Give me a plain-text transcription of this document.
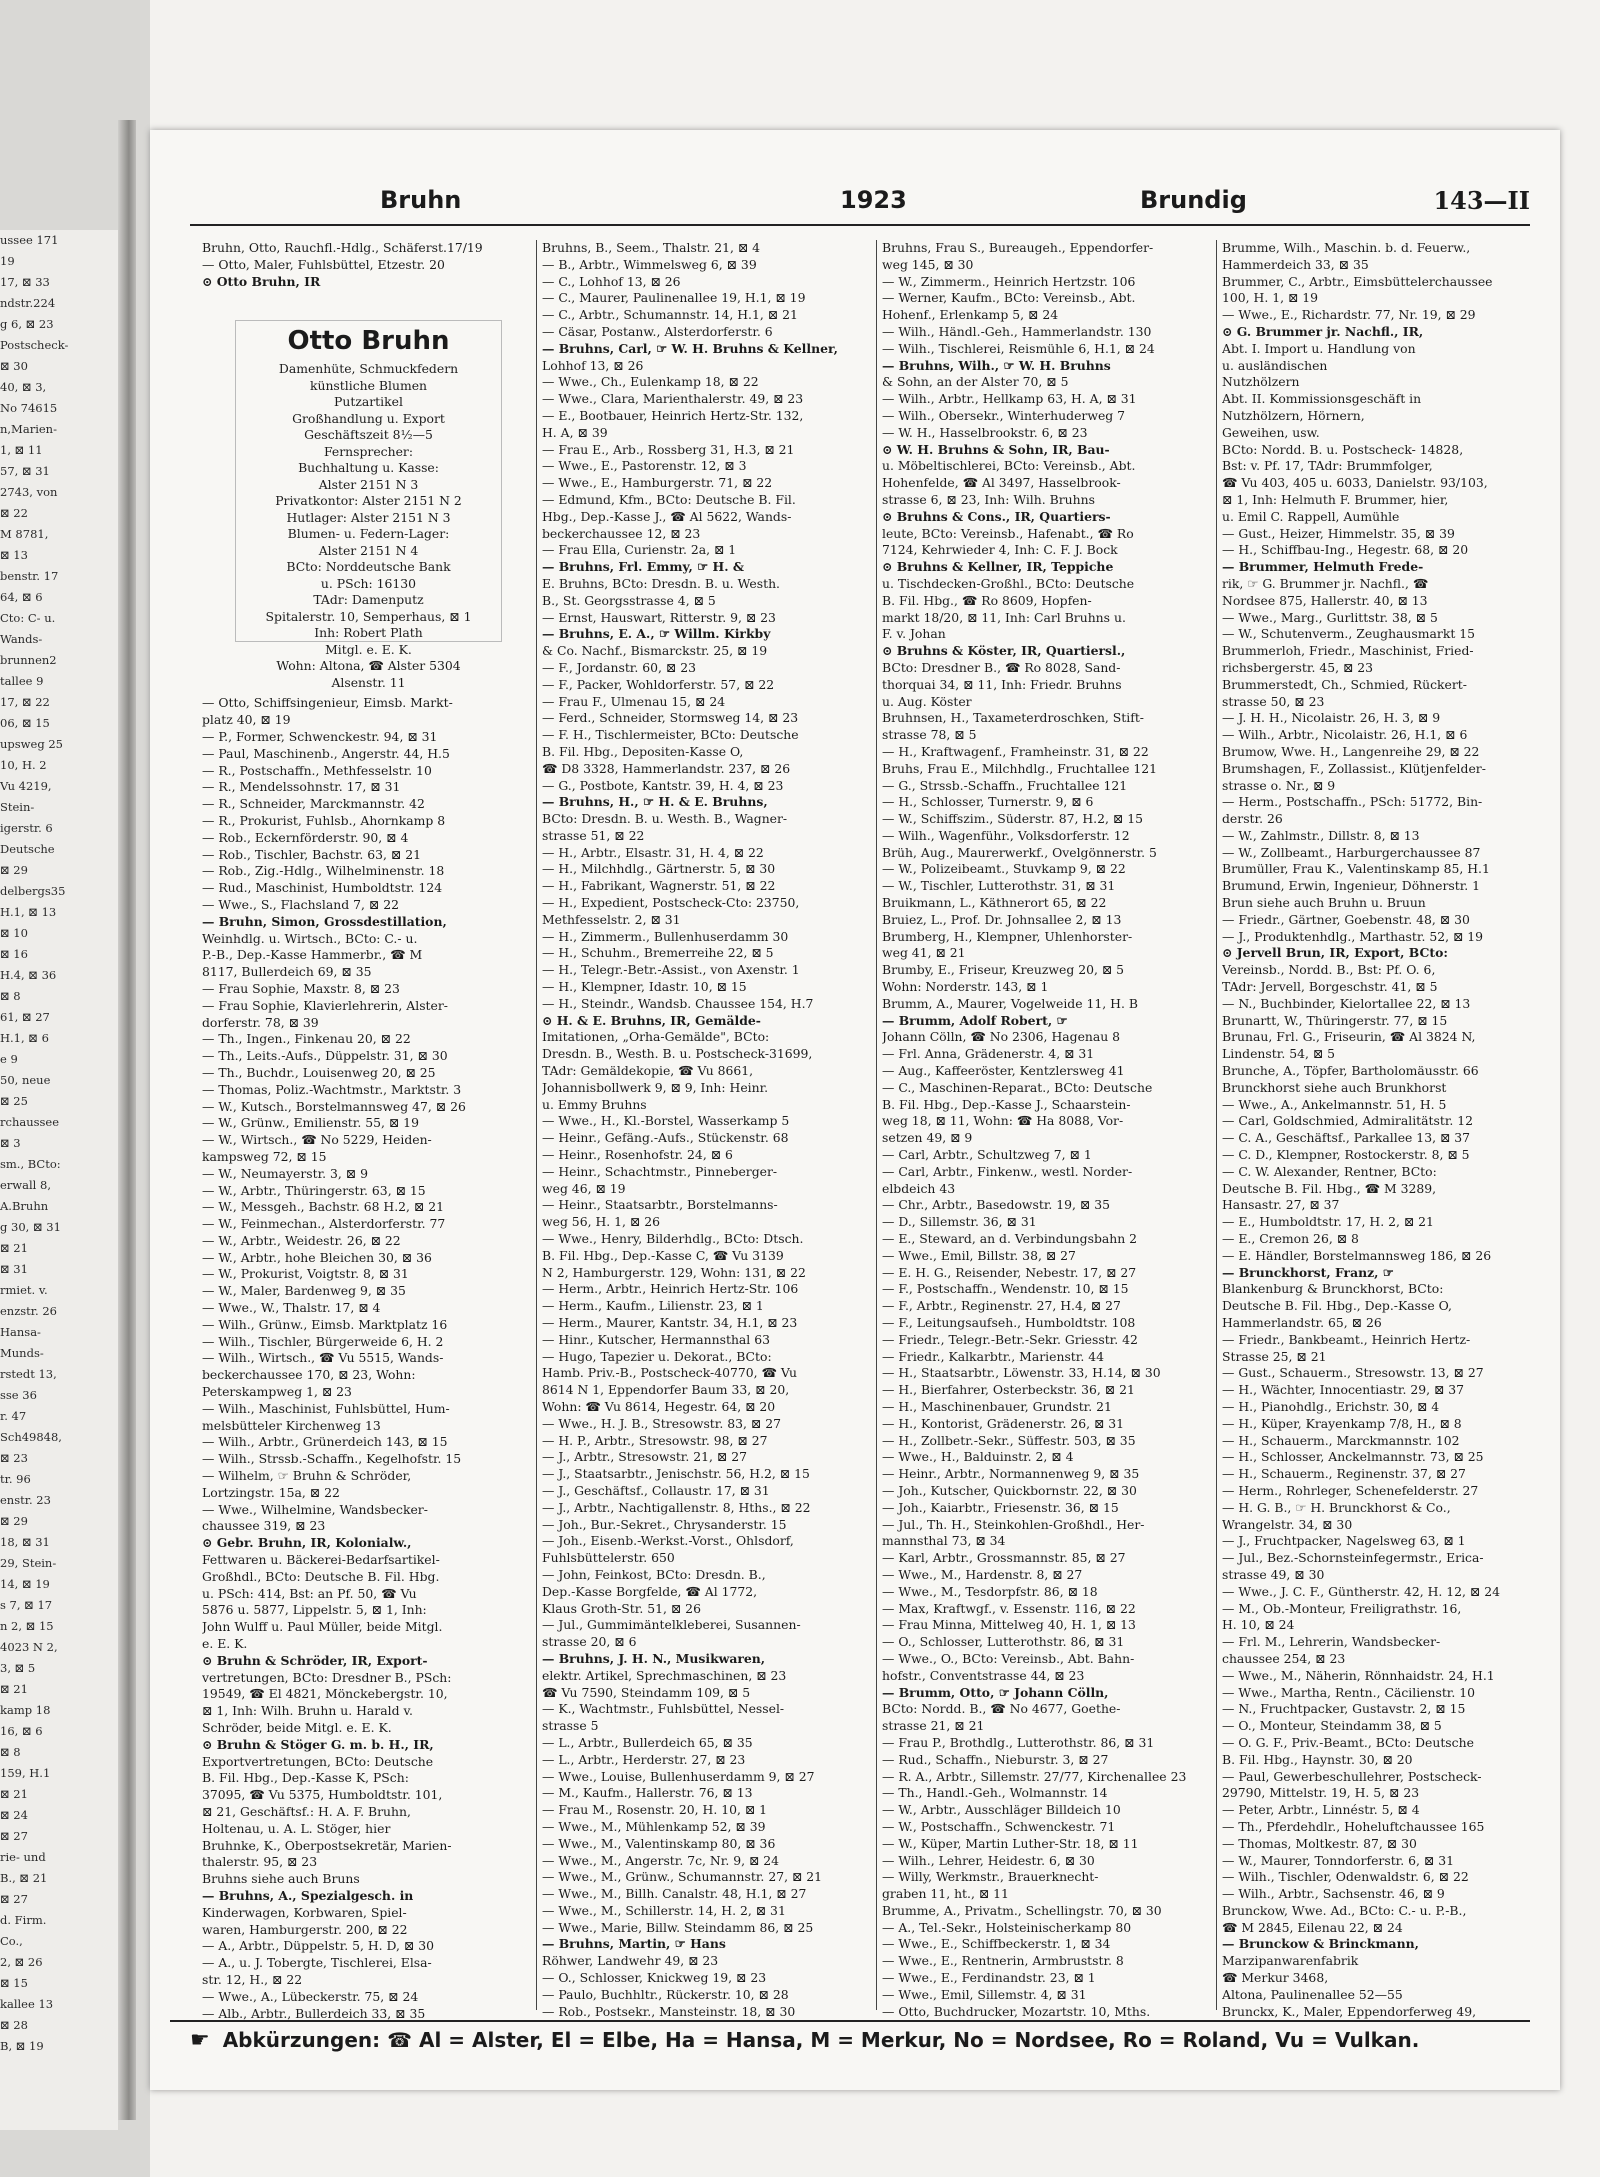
ussee 171
19
17, ⊠ 33
ndstr.224
g 6, ⊠ 23
Postscheck-
⊠ 30
40, ⊠ 3,
No 74615
n,Marien-
1, ⊠ 11
57, ⊠ 31
2743, von
⊠ 22
M 8781,
⊠ 13
benstr. 17
64, ⊠ 6
Cto: C- u.
Wands-
brunnen2
tallee 9
17, ⊠ 22
06, ⊠ 15
upsweg 25
10, H. 2
Vu 4219,
Stein-
igerstr. 6
Deutsche
⊠ 29
delbergs35
H.1, ⊠ 13
⊠ 10
⊠ 16
H.4, ⊠ 36
⊠ 8
61, ⊠ 27
H.1, ⊠ 6
e 9
50, neue
⊠ 25
rchaussee
⊠ 3
sm., BCto:
erwall 8,
A.Bruhn
g 30, ⊠ 31
⊠ 21
⊠ 31
rmiet. v.
enzstr. 26
Hansa-
Munds-
rstedt 13,
sse 36
r. 47
Sch49848,
⊠ 23
tr. 96
enstr. 23
⊠ 29
18, ⊠ 31
29, Stein-
14, ⊠ 19
s 7, ⊠ 17
n 2, ⊠ 15
4023 N 2,
3, ⊠ 5
⊠ 21
kamp 18
16, ⊠ 6
⊠ 8
159, H.1
⊠ 21
⊠ 24
⊠ 27
rie- und
B., ⊠ 21
⊠ 27
d. Firm.
Co.,
2, ⊠ 26
⊠ 15
kallee 13
⊠ 28
B, ⊠ 19
Bruhn	1923	Brundig	143—II
Bruhn, Otto, Rauchfl.-Hdlg., Schäferst.17/19
— Otto, Maler, Fuhlsbüttel, Etzestr. 20
⊙ Otto Bruhn, IR
— Otto, Schiffsingenieur, Eimsb. Markt-
platz 40, ⊠ 19
— P., Former, Schwenckestr. 94, ⊠ 31
— Paul, Maschinenb., Angerstr. 44, H.5
— R., Postschaffn., Methfesselstr. 10
— R., Mendelssohnstr. 17, ⊠ 31
— R., Schneider, Marckmannstr. 42
— R., Prokurist, Fuhlsb., Ahornkamp 8
— Rob., Eckernförderstr. 90, ⊠ 4
— Rob., Tischler, Bachstr. 63, ⊠ 21
— Rob., Zig.-Hdlg., Wilhelminenstr. 18
— Rud., Maschinist, Humboldtstr. 124
— Wwe., S., Flachsland 7, ⊠ 22
— Bruhn, Simon, Grossdestillation,
Weinhdlg. u. Wirtsch., BCto: C.- u.
P.-B., Dep.-Kasse Hammerbr., ☎ M
8117, Bullerdeich 69, ⊠ 35
— Frau Sophie, Maxstr. 8, ⊠ 23
— Frau Sophie, Klavierlehrerin, Alster-
dorferstr. 78, ⊠ 39
— Th., Ingen., Finkenau 20, ⊠ 22
— Th., Leits.-Aufs., Düppelstr. 31, ⊠ 30
— Th., Buchdr., Louisenweg 20, ⊠ 25
— Thomas, Poliz.-Wachtmstr., Marktstr. 3
— W., Kutsch., Borstelmannsweg 47, ⊠ 26
— W., Grünw., Emilienstr. 55, ⊠ 19
— W., Wirtsch., ☎ No 5229, Heiden-
kampsweg 72, ⊠ 15
— W., Neumayerstr. 3, ⊠ 9
— W., Arbtr., Thüringerstr. 63, ⊠ 15
— W., Messgeh., Bachstr. 68 H.2, ⊠ 21
— W., Feinmechan., Alsterdorferstr. 77
— W., Arbtr., Weidestr. 26, ⊠ 22
— W., Arbtr., hohe Bleichen 30, ⊠ 36
— W., Prokurist, Voigtstr. 8, ⊠ 31
— W., Maler, Bardenweg 9, ⊠ 35
— Wwe., W., Thalstr. 17, ⊠ 4
— Wilh., Grünw., Eimsb. Marktplatz 16
— Wilh., Tischler, Bürgerweide 6, H. 2
— Wilh., Wirtsch., ☎ Vu 5515, Wands-
beckerchaussee 170, ⊠ 23, Wohn:
Peterskampweg 1, ⊠ 23
— Wilh., Maschinist, Fuhlsbüttel, Hum-
melsbütteler Kirchenweg 13
— Wilh., Arbtr., Grünerdeich 143, ⊠ 15
— Wilh., Strssb.-Schaffn., Kegelhofstr. 15
— Wilhelm, ☞ Bruhn & Schröder,
Lortzingstr. 15a, ⊠ 22
— Wwe., Wilhelmine, Wandsbecker-
chaussee 319, ⊠ 23
⊙ Gebr. Bruhn, IR, Kolonialw.,
Fettwaren u. Bäckerei-Bedarfsartikel-
Großhdl., BCto: Deutsche B. Fil. Hbg.
u. PSch: 414, Bst: an Pf. 50, ☎ Vu
5876 u. 5877, Lippelstr. 5, ⊠ 1, Inh:
John Wulff u. Paul Müller, beide Mitgl.
e. E. K.
⊙ Bruhn & Schröder, IR, Export-
vertretungen, BCto: Dresdner B., PSch:
19549, ☎ El 4821, Mönckebergstr. 10,
⊠ 1, Inh: Wilh. Bruhn u. Harald v.
Schröder, beide Mitgl. e. E. K.
⊙ Bruhn & Stöger G. m. b. H., IR,
Exportvertretungen, BCto: Deutsche
B. Fil. Hbg., Dep.-Kasse K, PSch:
37095, ☎ Vu 5375, Humboldtstr. 101,
⊠ 21, Geschäftsf.: H. A. F. Bruhn,
Holtenau, u. A. L. Stöger, hier
Bruhnke, K., Oberpostsekretär, Marien-
thalerstr. 95, ⊠ 23
Bruhns siehe auch Bruns
— Bruhns, A., Spezialgesch. in
Kinderwagen, Korbwaren, Spiel-
waren, Hamburgerstr. 200, ⊠ 22
— A., Arbtr., Düppelstr. 5, H. D, ⊠ 30
— A., u. J. Tobergte, Tischlerei, Elsa-
str. 12, H., ⊠ 22
— Wwe., A., Lübeckerstr. 75, ⊠ 24
— Alb., Arbtr., Bullerdeich 33, ⊠ 35
Otto Bruhn
Damenhüte, Schmuckfedern
künstliche Blumen
Putzartikel
Großhandlung u. Export
Geschäftszeit 8½—5
Fernsprecher:
Buchhaltung u. Kasse:
Alster 2151 N 3
Privatkontor: Alster 2151 N 2
Hutlager: Alster 2151 N 3
Blumen- u. Federn-Lager:
Alster 2151 N 4
BCto: Norddeutsche Bank
u. PSch: 16130
TAdr: Damenputz
Spitalerstr. 10, Semperhaus, ⊠ 1
Inh: Robert Plath
Mitgl. e. E. K.
Wohn: Altona, ☎ Alster 5304
Alsenstr. 11
Bruhns, B., Seem., Thalstr. 21, ⊠ 4
— B., Arbtr., Wimmelsweg 6, ⊠ 39
— C., Lohhof 13, ⊠ 26
— C., Maurer, Paulinenallee 19, H.1, ⊠ 19
— C., Arbtr., Schumannstr. 14, H.1, ⊠ 21
— Cäsar, Postanw., Alsterdorferstr. 6
— Bruhns, Carl, ☞ W. H. Bruhns & Kellner,
Lohhof 13, ⊠ 26
— Wwe., Ch., Eulenkamp 18, ⊠ 22
— Wwe., Clara, Marienthalerstr. 49, ⊠ 23
— E., Bootbauer, Heinrich Hertz-Str. 132,
H. A, ⊠ 39
— Frau E., Arb., Rossberg 31, H.3, ⊠ 21
— Wwe., E., Pastorenstr. 12, ⊠ 3
— Wwe., E., Hamburgerstr. 71, ⊠ 22
— Edmund, Kfm., BCto: Deutsche B. Fil.
Hbg., Dep.-Kasse J., ☎ Al 5622, Wands-
beckerchaussee 12, ⊠ 23
— Frau Ella, Curienstr. 2a, ⊠ 1
— Bruhns, Frl. Emmy, ☞ H. &
E. Bruhns, BCto: Dresdn. B. u. Westh.
B., St. Georgsstrasse 4, ⊠ 5
— Ernst, Hauswart, Ritterstr. 9, ⊠ 23
— Bruhns, E. A., ☞ Willm. Kirkby
& Co. Nachf., Bismarckstr. 25, ⊠ 19
— F., Jordanstr. 60, ⊠ 23
— F., Packer, Wohldorferstr. 57, ⊠ 22
— Frau F., Ulmenau 15, ⊠ 24
— Ferd., Schneider, Stormsweg 14, ⊠ 23
— F. H., Tischlermeister, BCto: Deutsche
B. Fil. Hbg., Depositen-Kasse O,
☎ D8 3328, Hammerlandstr. 237, ⊠ 26
— G., Postbote, Kantstr. 39, H. 4, ⊠ 23
— Bruhns, H., ☞ H. & E. Bruhns,
BCto: Dresdn. B. u. Westh. B., Wagner-
strasse 51, ⊠ 22
— H., Arbtr., Elsastr. 31, H. 4, ⊠ 22
— H., Milchhdlg., Gärtnerstr. 5, ⊠ 30
— H., Fabrikant, Wagnerstr. 51, ⊠ 22
— H., Expedient, Postscheck-Cto: 23750,
Methfesselstr. 2, ⊠ 31
— H., Zimmerm., Bullenhuserdamm 30
— H., Schuhm., Bremerreihe 22, ⊠ 5
— H., Telegr.-Betr.-Assist., von Axenstr. 1
— H., Klempner, Idastr. 10, ⊠ 15
— H., Steindr., Wandsb. Chaussee 154, H.7
⊙ H. & E. Bruhns, IR, Gemälde-
Imitationen, „Orha-Gemälde", BCto:
Dresdn. B., Westh. B. u. Postscheck-31699,
TAdr: Gemäldekopie, ☎ Vu 8661,
Johannisbollwerk 9, ⊠ 9, Inh: Heinr.
u. Emmy Bruhns
— Wwe., H., Kl.-Borstel, Wasserkamp 5
— Heinr., Gefäng.-Aufs., Stückenstr. 68
— Heinr., Rosenhofstr. 24, ⊠ 6
— Heinr., Schachtmstr., Pinneberger-
weg 46, ⊠ 19
— Heinr., Staatsarbtr., Borstelmanns-
weg 56, H. 1, ⊠ 26
— Wwe., Henry, Bilderhdlg., BCto: Dtsch.
B. Fil. Hbg., Dep.-Kasse C, ☎ Vu 3139
N 2, Hamburgerstr. 129, Wohn: 131, ⊠ 22
— Herm., Arbtr., Heinrich Hertz-Str. 106
— Herm., Kaufm., Lilienstr. 23, ⊠ 1
— Herm., Maurer, Kantstr. 34, H.1, ⊠ 23
— Hinr., Kutscher, Hermannsthal 63
— Hugo, Tapezier u. Dekorat., BCto:
Hamb. Priv.-B., Postscheck-40770, ☎ Vu
8614 N 1, Eppendorfer Baum 33, ⊠ 20,
Wohn: ☎ Vu 8614, Hegestr. 64, ⊠ 20
— Wwe., H. J. B., Stresowstr. 83, ⊠ 27
— H. P., Arbtr., Stresowstr. 98, ⊠ 27
— J., Arbtr., Stresowstr. 21, ⊠ 27
— J., Staatsarbtr., Jenischstr. 56, H.2, ⊠ 15
— J., Geschäftsf., Collaustr. 17, ⊠ 31
— J., Arbtr., Nachtigallenstr. 8, Hths., ⊠ 22
— Joh., Bur.-Sekret., Chrysanderstr. 15
— Joh., Eisenb.-Werkst.-Vorst., Ohlsdorf,
Fuhlsbüttelerstr. 650
— John, Feinkost, BCto: Dresdn. B.,
Dep.-Kasse Borgfelde, ☎ Al 1772,
Klaus Groth-Str. 51, ⊠ 26
— Jul., Gummimäntelkleberei, Susannen-
strasse 20, ⊠ 6
— Bruhns, J. H. N., Musikwaren,
elektr. Artikel, Sprechmaschinen, ⊠ 23
☎ Vu 7590, Steindamm 109, ⊠ 5
— K., Wachtmstr., Fuhlsbüttel, Nessel-
strasse 5
— L., Arbtr., Bullerdeich 65, ⊠ 35
— L., Arbtr., Herderstr. 27, ⊠ 23
— Wwe., Louise, Bullenhuserdamm 9, ⊠ 27
— M., Kaufm., Hallerstr. 76, ⊠ 13
— Frau M., Rosenstr. 20, H. 10, ⊠ 1
— Wwe., M., Mühlenkamp 52, ⊠ 39
— Wwe., M., Valentinskamp 80, ⊠ 36
— Wwe., M., Angerstr. 7c, Nr. 9, ⊠ 24
— Wwe., M., Grünw., Schumannstr. 27, ⊠ 21
— Wwe., M., Billh. Canalstr. 48, H.1, ⊠ 27
— Wwe., M., Schillerstr. 14, H. 2, ⊠ 31
— Wwe., Marie, Billw. Steindamm 86, ⊠ 25
— Bruhns, Martin, ☞ Hans
Röhwer, Landwehr 49, ⊠ 23
— O., Schlosser, Knickweg 19, ⊠ 23
— Paulo, Buchhltr., Rückerstr. 10, ⊠ 28
— Rob., Postsekr., Mansteinstr. 18, ⊠ 30
Bruhns, Frau S., Bureaugeh., Eppendorfer-
weg 145, ⊠ 30
— W., Zimmerm., Heinrich Hertzstr. 106
— Werner, Kaufm., BCto: Vereinsb., Abt.
Hohenf., Erlenkamp 5, ⊠ 24
— Wilh., Händl.-Geh., Hammerlandstr. 130
— Wilh., Tischlerei, Reismühle 6, H.1, ⊠ 24
— Bruhns, Wilh., ☞ W. H. Bruhns
& Sohn, an der Alster 70, ⊠ 5
— Wilh., Arbtr., Hellkamp 63, H. A, ⊠ 31
— Wilh., Obersekr., Winterhuderweg 7
— W. H., Hasselbrookstr. 6, ⊠ 23
⊙ W. H. Bruhns & Sohn, IR, Bau-
u. Möbeltischlerei, BCto: Vereinsb., Abt.
Hohenfelde, ☎ Al 3497, Hasselbrook-
strasse 6, ⊠ 23, Inh: Wilh. Bruhns
⊙ Bruhns & Cons., IR, Quartiers-
leute, BCto: Vereinsb., Hafenabt., ☎ Ro
7124, Kehrwieder 4, Inh: C. F. J. Bock
⊙ Bruhns & Kellner, IR, Teppiche
u. Tischdecken-Großhl., BCto: Deutsche
B. Fil. Hbg., ☎ Ro 8609, Hopfen-
markt 18/20, ⊠ 11, Inh: Carl Bruhns u.
F. v. Johan
⊙ Bruhns & Köster, IR, Quartiersl.,
BCto: Dresdner B., ☎ Ro 8028, Sand-
thorquai 34, ⊠ 11, Inh: Friedr. Bruhns
u. Aug. Köster
Bruhnsen, H., Taxameterdroschken, Stift-
strasse 78, ⊠ 5
— H., Kraftwagenf., Framheinstr. 31, ⊠ 22
Bruhs, Frau E., Milchhdlg., Fruchtallee 121
— G., Strssb.-Schaffn., Fruchtallee 121
— H., Schlosser, Turnerstr. 9, ⊠ 6
— W., Schiffszim., Süderstr. 87, H.2, ⊠ 15
— Wilh., Wagenführ., Volksdorferstr. 12
Brüh, Aug., Maurerwerkf., Ovelgönnerstr. 5
— W., Polizeibeamt., Stuvkamp 9, ⊠ 22
— W., Tischler, Lutterothstr. 31, ⊠ 31
Bruikmann, L., Käthnerort 65, ⊠ 22
Bruiez, L., Prof. Dr. Johnsallee 2, ⊠ 13
Brumberg, H., Klempner, Uhlenhorster-
weg 41, ⊠ 21
Brumby, E., Friseur, Kreuzweg 20, ⊠ 5
Wohn: Norderstr. 143, ⊠ 1
Brumm, A., Maurer, Vogelweide 11, H. B
— Brumm, Adolf Robert, ☞
Johann Cölln, ☎ No 2306, Hagenau 8
— Frl. Anna, Grädenerstr. 4, ⊠ 31
— Aug., Kaffeeröster, Kentzlersweg 41
— C., Maschinen-Reparat., BCto: Deutsche
B. Fil. Hbg., Dep.-Kasse J., Schaarstein-
weg 18, ⊠ 11, Wohn: ☎ Ha 8088, Vor-
setzen 49, ⊠ 9
— Carl, Arbtr., Schultzweg 7, ⊠ 1
— Carl, Arbtr., Finkenw., westl. Norder-
elbdeich 43
— Chr., Arbtr., Basedowstr. 19, ⊠ 35
— D., Sillemstr. 36, ⊠ 31
— E., Steward, an d. Verbindungsbahn 2
— Wwe., Emil, Billstr. 38, ⊠ 27
— E. H. G., Reisender, Nebestr. 17, ⊠ 27
— F., Postschaffn., Wendenstr. 10, ⊠ 15
— F., Arbtr., Reginenstr. 27, H.4, ⊠ 27
— F., Leitungsaufseh., Humboldtstr. 108
— Friedr., Telegr.-Betr.-Sekr. Griesstr. 42
— Friedr., Kalkarbtr., Marienstr. 44
— H., Staatsarbtr., Löwenstr. 33, H.14, ⊠ 30
— H., Bierfahrer, Osterbeckstr. 36, ⊠ 21
— H., Maschinenbauer, Grundstr. 21
— H., Kontorist, Grädenerstr. 26, ⊠ 31
— H., Zollbetr.-Sekr., Süffestr. 503, ⊠ 35
— Wwe., H., Balduinstr. 2, ⊠ 4
— Heinr., Arbtr., Normannenweg 9, ⊠ 35
— Joh., Kutscher, Quickbornstr. 22, ⊠ 30
— Joh., Kaiarbtr., Friesenstr. 36, ⊠ 15
— Jul., Th. H., Steinkohlen-Großhdl., Her-
mannsthal 73, ⊠ 34
— Karl, Arbtr., Grossmannstr. 85, ⊠ 27
— Wwe., M., Hardenstr. 8, ⊠ 27
— Wwe., M., Tesdorpfstr. 86, ⊠ 18
— Max, Kraftwgf., v. Essenstr. 116, ⊠ 22
— Frau Minna, Mittelweg 40, H. 1, ⊠ 13
— O., Schlosser, Lutterothstr. 86, ⊠ 31
— Wwe., O., BCto: Vereinsb., Abt. Bahn-
hofstr., Conventstrasse 44, ⊠ 23
— Brumm, Otto, ☞ Johann Cölln,
BCto: Nordd. B., ☎ No 4677, Goethe-
strasse 21, ⊠ 21
— Frau P., Brothdlg., Lutterothstr. 86, ⊠ 31
— Rud., Schaffn., Nieburstr. 3, ⊠ 27
— R. A., Arbtr., Sillemstr. 27/77, Kirchenallee 23
— Th., Handl.-Geh., Wolmannstr. 14
— W., Arbtr., Ausschläger Billdeich 10
— W., Postschaffn., Schwenckestr. 71
— W., Küper, Martin Luther-Str. 18, ⊠ 11
— Wilh., Lehrer, Heidestr. 6, ⊠ 30
— Willy, Werkmstr., Brauerknecht-
graben 11, ht., ⊠ 11
Brumme, A., Privatm., Schellingstr. 70, ⊠ 30
— A., Tel.-Sekr., Holsteinischerkamp 80
— Wwe., E., Schiffbeckerstr. 1, ⊠ 34
— Wwe., E., Rentnerin, Armbruststr. 8
— Wwe., E., Ferdinandstr. 23, ⊠ 1
— Wwe., Emil, Sillemstr. 4, ⊠ 31
— Otto, Buchdrucker, Mozartstr. 10, Mths.
Brumme, Wilh., Maschin. b. d. Feuerw.,
Hammerdeich 33, ⊠ 35
Brummer, C., Arbtr., Eimsbüttelerchaussee
100, H. 1, ⊠ 19
— Wwe., E., Richardstr. 77, Nr. 19, ⊠ 29
⊙ G. Brummer jr. Nachfl., IR,
Abt. I. Import u. Handlung von
u. ausländischen
Nutzhölzern
Abt. II. Kommissionsgeschäft in
Nutzhölzern, Hörnern,
Geweihen, usw.
BCto: Nordd. B. u. Postscheck- 14828,
Bst: v. Pf. 17, TAdr: Brummfolger,
☎ Vu 403, 405 u. 6033, Danielstr. 93/103,
⊠ 1, Inh: Helmuth F. Brummer, hier,
u. Emil C. Rappell, Aumühle
— Gust., Heizer, Himmelstr. 35, ⊠ 39
— H., Schiffbau-Ing., Hegestr. 68, ⊠ 20
— Brummer, Helmuth Frede-
rik, ☞ G. Brummer jr. Nachfl., ☎
Nordsee 875, Hallerstr. 40, ⊠ 13
— Wwe., Marg., Gurlittstr. 38, ⊠ 5
— W., Schutenverm., Zeughausmarkt 15
Brummerloh, Friedr., Maschinist, Fried-
richsbergerstr. 45, ⊠ 23
Brummerstedt, Ch., Schmied, Rückert-
strasse 50, ⊠ 23
— J. H. H., Nicolaistr. 26, H. 3, ⊠ 9
— Wilh., Arbtr., Nicolaistr. 26, H.1, ⊠ 6
Brumow, Wwe. H., Langenreihe 29, ⊠ 22
Brumshagen, F., Zollassist., Klütjenfelder-
strasse o. Nr., ⊠ 9
— Herm., Postschaffn., PSch: 51772, Bin-
derstr. 26
— W., Zahlmstr., Dillstr. 8, ⊠ 13
— W., Zollbeamt., Harburgerchaussee 87
Brumüller, Frau K., Valentinskamp 85, H.1
Brumund, Erwin, Ingenieur, Döhnerstr. 1
Brun siehe auch Bruhn u. Bruun
— Friedr., Gärtner, Goebenstr. 48, ⊠ 30
— J., Produktenhdlg., Marthastr. 52, ⊠ 19
⊙ Jervell Brun, IR, Export, BCto:
Vereinsb., Nordd. B., Bst: Pf. O. 6,
TAdr: Jervell, Borgeschstr. 41, ⊠ 5
— N., Buchbinder, Kielortallee 22, ⊠ 13
Brunartt, W., Thüringerstr. 77, ⊠ 15
Brunau, Frl. G., Friseurin, ☎ Al 3824 N,
Lindenstr. 54, ⊠ 5
Brunche, A., Töpfer, Bartholomäusstr. 66
Brunckhorst siehe auch Brunkhorst
— Wwe., A., Ankelmannstr. 51, H. 5
— Carl, Goldschmied, Admiralitätstr. 12
— C. A., Geschäftsf., Parkallee 13, ⊠ 37
— C. D., Klempner, Rostockerstr. 8, ⊠ 5
— C. W. Alexander, Rentner, BCto:
Deutsche B. Fil. Hbg., ☎ M 3289,
Hansastr. 27, ⊠ 37
— E., Humboldtstr. 17, H. 2, ⊠ 21
— E., Cremon 26, ⊠ 8
— E. Händler, Borstelmannsweg 186, ⊠ 26
— Brunckhorst, Franz, ☞
Blankenburg & Brunckhorst, BCto:
Deutsche B. Fil. Hbg., Dep.-Kasse O,
Hammerlandstr. 65, ⊠ 26
— Friedr., Bankbeamt., Heinrich Hertz-
Strasse 25, ⊠ 21
— Gust., Schauerm., Stresowstr. 13, ⊠ 27
— H., Wächter, Innocentiastr. 29, ⊠ 37
— H., Pianohdlg., Erichstr. 30, ⊠ 4
— H., Küper, Krayenkamp 7/8, H., ⊠ 8
— H., Schauerm., Marckmannstr. 102
— H., Schlosser, Anckelmannstr. 73, ⊠ 25
— H., Schauerm., Reginenstr. 37, ⊠ 27
— Herm., Rohrleger, Schenefelderstr. 27
— H. G. B., ☞ H. Brunckhorst & Co.,
Wrangelstr. 34, ⊠ 30
— J., Fruchtpacker, Nagelsweg 63, ⊠ 1
— Jul., Bez.-Schornsteinfegermstr., Erica-
strasse 49, ⊠ 30
— Wwe., J. C. F., Güntherstr. 42, H. 12, ⊠ 24
— M., Ob.-Monteur, Freiligrathstr. 16,
H. 10, ⊠ 24
— Frl. M., Lehrerin, Wandsbecker-
chaussee 254, ⊠ 23
— Wwe., M., Näherin, Rönnhaidstr. 24, H.1
— Wwe., Martha, Rentn., Cäcilienstr. 10
— N., Fruchtpacker, Gustavstr. 2, ⊠ 15
— O., Monteur, Steindamm 38, ⊠ 5
— O. G. F., Priv.-Beamt., BCto: Deutsche
B. Fil. Hbg., Haynstr. 30, ⊠ 20
— Paul, Gewerbeschullehrer, Postscheck-
29790, Mittelstr. 19, H. 5, ⊠ 23
— Peter, Arbtr., Linnéstr. 5, ⊠ 4
— Th., Pferdehdlr., Hoheluftchaussee 165
— Thomas, Moltkestr. 87, ⊠ 30
— W., Maurer, Tonndorferstr. 6, ⊠ 31
— Wilh., Tischler, Odenwaldstr. 6, ⊠ 22
— Wilh., Arbtr., Sachsenstr. 46, ⊠ 9
Brunckow, Wwe. Ad., BCto: C.- u. P.-B.,
☎ M 2845, Eilenau 22, ⊠ 24
— Brunckow & Brinckmann,
Marzipanwarenfabrik
☎ Merkur 3468,
Altona, Paulinenallee 52—55
Brunckx, K., Maler, Eppendorferweg 49,
☛ Abkürzungen: ☎ Al = Alster, El = Elbe, Ha = Hansa, M = Merkur, No = Nordsee, Ro = Roland, Vu = Vulkan.
